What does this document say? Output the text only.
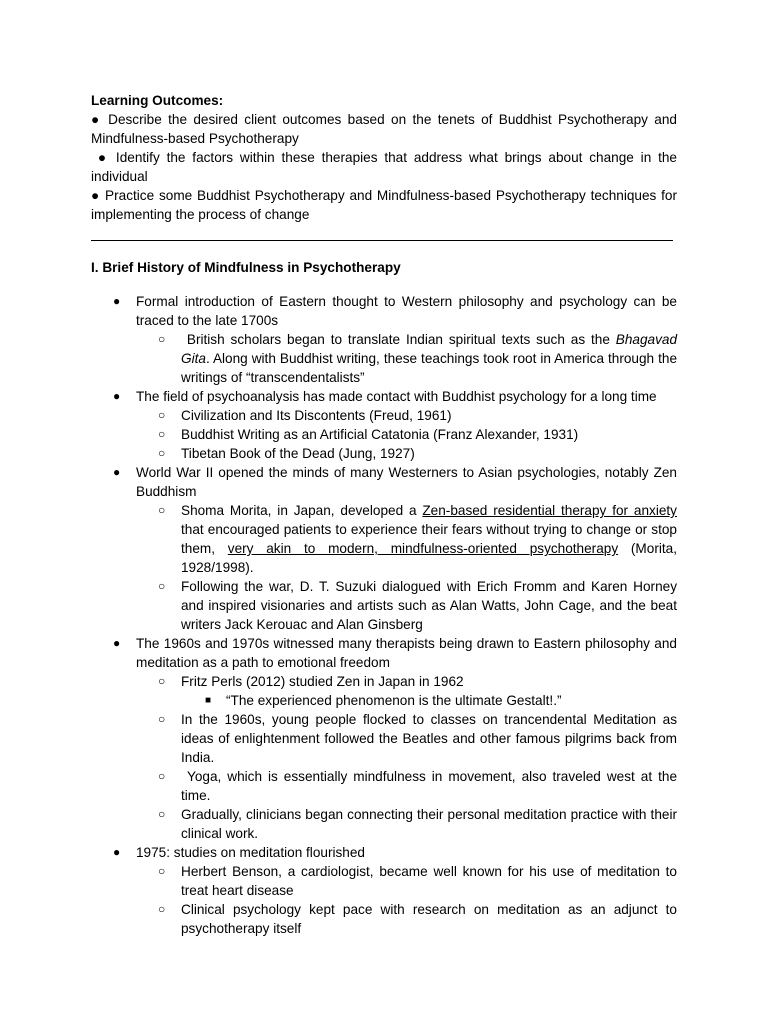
Learning Outcomes:

● Describe the desired client outcomes based on the tenets of Buddhist Psychotherapy and Mindfulness-based Psychotherapy

● Identify the factors within these therapies that address what brings about change in the individual

● Practice some Buddhist Psychotherapy and Mindfulness-based Psychotherapy techniques for implementing the process of change

I. Brief History of Mindfulness in Psychotherapy
● Formal introduction of Eastern thought to Western philosophy and psychology can be traced to the late 1700s
○ British scholars began to translate Indian spiritual texts such as the Bhagavad Gita. Along with Buddhist writing, these teachings took root in America through the writings of “transcendentalists”
● The field of psychoanalysis has made contact with Buddhist psychology for a long time
○ Civilization and Its Discontents (Freud, 1961)
○ Buddhist Writing as an Artificial Catatonia (Franz Alexander, 1931)
○ Tibetan Book of the Dead (Jung, 1927)
● World War II opened the minds of many Westerners to Asian psychologies, notably Zen Buddhism
○ Shoma Morita, in Japan, developed a Zen-based residential therapy for anxiety that encouraged patients to experience their fears without trying to change or stop them, very akin to modern, mindfulness-oriented psychotherapy (Morita, 1928/1998).
○ Following the war, D. T. Suzuki dialogued with Erich Fromm and Karen Horney and inspired visionaries and artists such as Alan Watts, John Cage, and the beat writers Jack Kerouac and Alan Ginsberg
● The 1960s and 1970s witnessed many therapists being drawn to Eastern philosophy and meditation as a path to emotional freedom
○ Fritz Perls (2012) studied Zen in Japan in 1962
■ “The experienced phenomenon is the ultimate Gestalt!.”
○ In the 1960s, young people flocked to classes on trancendental Meditation as ideas of enlightenment followed the Beatles and other famous pilgrims back from India.
○ Yoga, which is essentially mindfulness in movement, also traveled west at the time.
○ Gradually, clinicians began connecting their personal meditation practice with their clinical work.
● 1975: studies on meditation flourished
○ Herbert Benson, a cardiologist, became well known for his use of meditation to treat heart disease
○ Clinical psychology kept pace with research on meditation as an adjunct to psychotherapy itself
